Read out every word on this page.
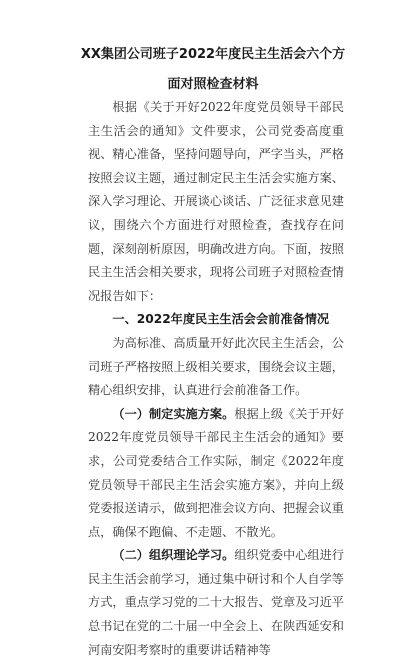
XX集团公司班子2022年度民主生活会六个方面对照检查材料

根据《关于开好2022年度党员领导干部民主生活会的通知》文件要求，公司党委高度重视、精心准备，坚持问题导向，严字当头，严格按照会议主题，通过制定民主生活会实施方案、深入学习理论、开展谈心谈话、广泛征求意见建议，围绕六个方面进行对照检查，查找存在问题，深刻剖析原因，明确改进方向。下面，按照民主生活会相关要求，现将公司班子对照检查情况报告如下：

一、2022年度民主生活会会前准备情况

为高标准、高质量开好此次民主生活会，公司班子严格按照上级相关要求，围绕会议主题，精心组织安排，认真进行会前准备工作。

（一）制定实施方案。根据上级《关于开好2022年度党员领导干部民主生活会的通知》要求，公司党委结合工作实际，制定《2022年度党员领导干部民主生活会实施方案》，并向上级党委报送请示，做到把准会议方向、把握会议重点，确保不跑偏、不走题、不散光。

（二）组织理论学习。组织党委中心组进行民主生活会前学习，通过集中研讨和个人自学等方式，重点学习党的二十大报告、党章及习近平总书记在党的二十届一中全会上、在陕西延安和河南安阳考察时的重要讲话精神等
